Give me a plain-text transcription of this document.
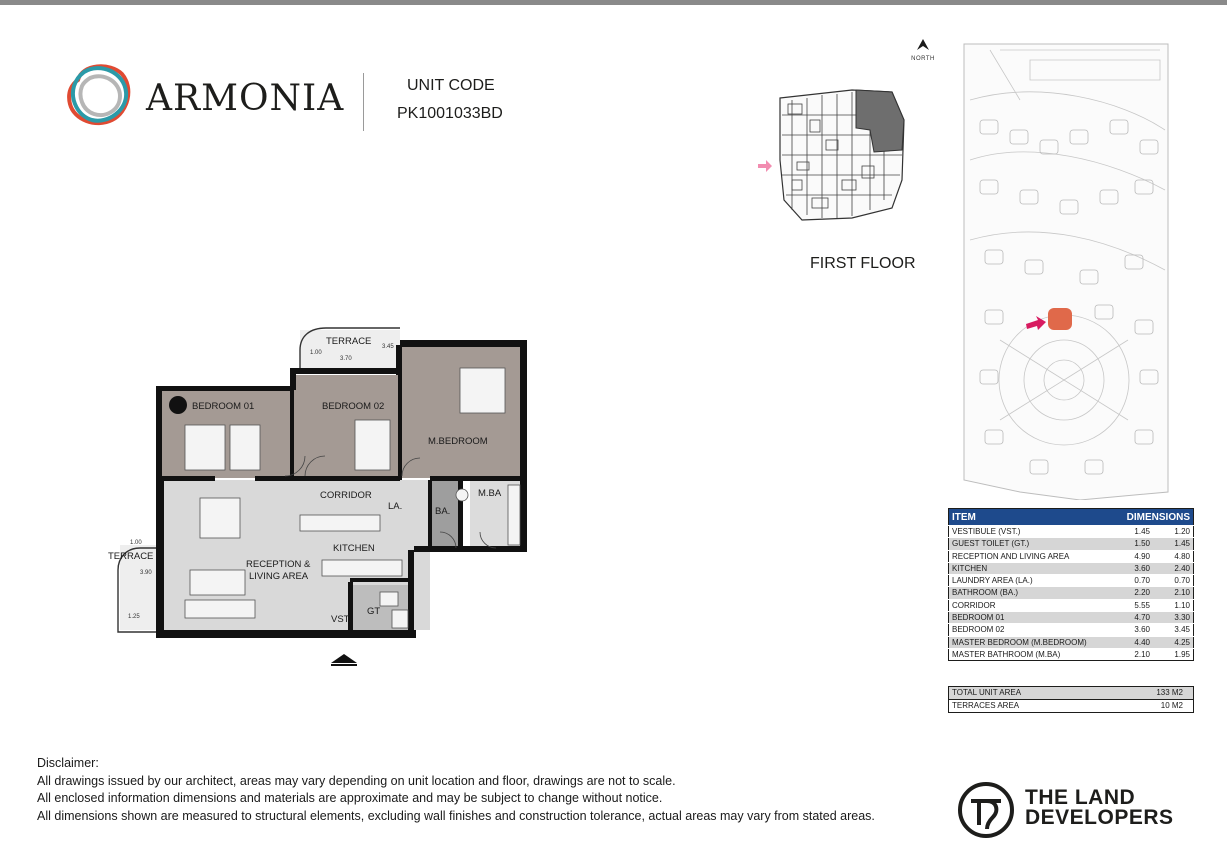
ARMONIA	UNIT CODE
PK1001033BD
NORTH
FIRST FLOOR
TERRACE
1.00
3.70
3.45
BEDROOM 01	BEDROOM 02
M.BEDROOM
CORRIDOR
LA.	BA.
M.BA
KITCHEN
RECEPTION &
LIVING AREA
TERRACE
1.00
3.90
1.25	VST.
GT
ITEM	DIMENSIONS	
VESTIBULE (VST.)	1.45	1.20
GUEST TOILET (GT.)	1.50	1.45
RECEPTION AND LIVING AREA	4.90	4.80
KITCHEN	3.60	2.40
LAUNDRY AREA (LA.)	0.70	0.70
BATHROOM (BA.)	2.20	2.10
CORRIDOR	5.55	1.10
BEDROOM 01	4.70	3.30
BEDROOM 02	3.60	3.45
MASTER BEDROOM (M.BEDROOM)	4.40	4.25
MASTER BATHROOM (M.BA)	2.10	1.95
TOTAL UNIT AREA	133 M2
TERRACES AREA	10 M2
Disclaimer:
All drawings issued by our architect, areas may vary depending on unit location and floor, drawings are not to scale.
All enclosed information dimensions and materials are approximate and may be subject to change without notice.
All dimensions shown are measured to structural elements, excluding wall finishes and construction tolerance, actual areas may vary from stated areas.
THE LAND
DEVELOPERS
